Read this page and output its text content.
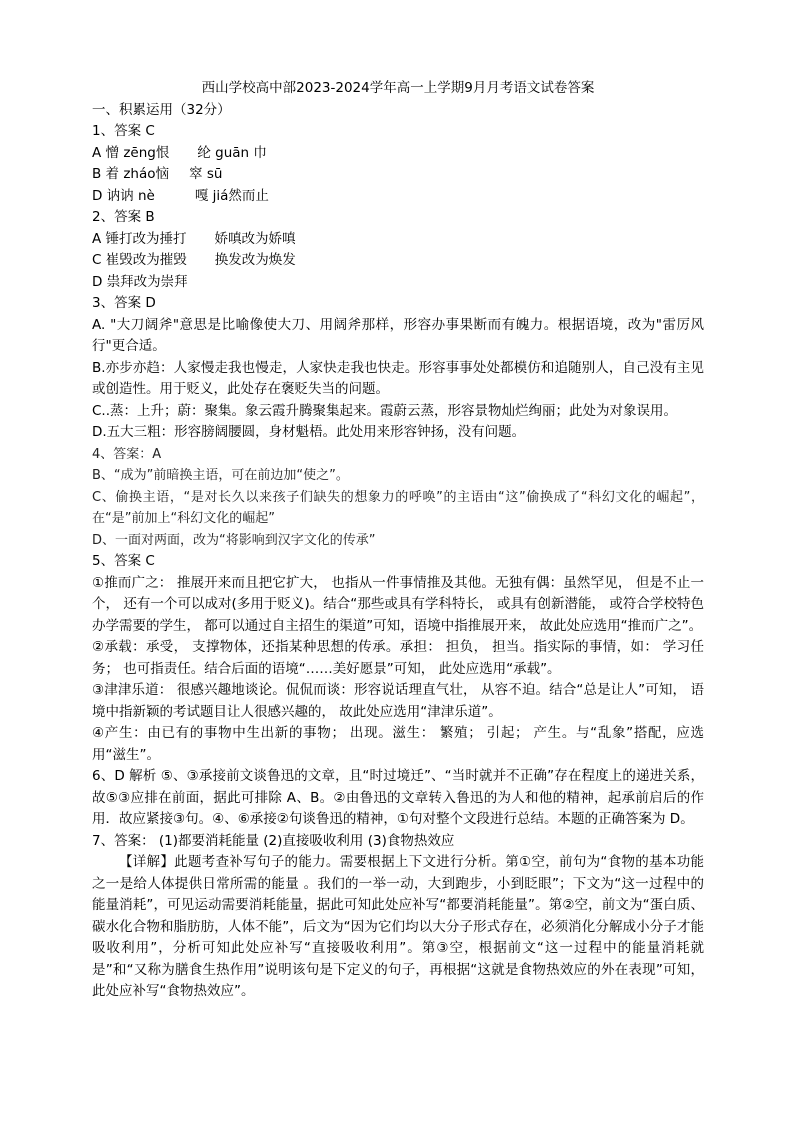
西山学校高中部2023-2024学年高一上学期9月月考语文试卷答案
一、积累运用（32分）
1、答案 C
A 憎 zēng恨 纶 guān 巾
B 着 zháo恼 窣 sū
D 讷讷 nè	嘎 jiá然而止
2、答案 B
A 锤打改为捶打 娇嗔改为娇嗔
C 崔毁改为摧毁 换发改为焕发
D 祟拜改为崇拜
3、答案 D
A. "大刀阔斧"意思是比喻像使大刀、用阔斧那样，形容办事果断而有魄力。根据语境，改为"雷厉风行"更合适。
B.亦步亦趋：人家慢走我也慢走，人家快走我也快走。形容事事处处都模仿和追随别人，自己没有主见或创造性。用于贬义，此处存在褒贬失当的问题。
C..蒸：上升；蔚：聚集。象云霞升腾聚集起来。霞蔚云蒸，形容景物灿烂绚丽；此处为对象误用。
D.五大三粗：形容膀阔腰圆，身材魁梧。此处用来形容钟扬，没有问题。
4、答案：A
B、“成为”前暗换主语，可在前边加“使之”。
C、偷换主语，“是对长久以来孩子们缺失的想象力的呼唤”的主语由“这”偷换成了“科幻文化的崛起”，在“是”前加上“科幻文化的崛起”
D、一面对两面，改为“将影响到汉字文化的传承”
5、答案 C
①推而广之： 推展开来而且把它扩大， 也指从一件事情推及其他。无独有偶：虽然罕见， 但是不止一个， 还有一个可以成对(多用于贬义)。结合“那些或具有学科特长， 或具有创新潜能， 或符合学校特色办学需要的学生， 都可以通过自主招生的渠道”可知，语境中指推展开来， 故此处应选用“推而广之”。
②承载：承受， 支撑物体，还指某种思想的传承。承担： 担负， 担当。指实际的事情，如： 学习任务； 也可指责任。结合后面的语境“……美好愿景”可知， 此处应选用“承载”。
③津津乐道： 很感兴趣地谈论。侃侃而谈：形容说话理直气壮， 从容不迫。结合“总是让人”可知， 语境中指新颖的考试题目让人很感兴趣的， 故此处应选用“津津乐道”。
④产生：由已有的事物中生出新的事物； 出现。滋生： 繁殖； 引起； 产生。与“乱象”搭配，应选用“滋生”。
6、D 解析 ⑤、③承接前文谈鲁迅的文章，且“时过境迁”、“当时就并不正确”存在程度上的递进关系，故⑤③应排在前面，据此可排除 A、B。②由鲁迅的文章转入鲁迅的为人和他的精神，起承前启后的作用．故应紧接③句。④、⑥承接②句谈鲁迅的精神，①句对整个文段进行总结。本题的正确答案为 D。
7、答案： (1)都要消耗能量 (2)直接吸收利用 (3)食物热效应
【详解】此题考查补写句子的能力。需要根据上下文进行分析。第①空，前句为“食物的基本功能之一是给人体提供日常所需的能量 。我们的一举一动，大到跑步，小到眨眼”；下文为“这一过程中的能量消耗”，可见运动需要消耗能量，据此可知此处应补写“都要消耗能量”。第②空，前文为“蛋白质、碳水化合物和脂肪肪，人体不能”，后文为“因为它们均以大分子形式存在，必须消化分解成小分子才能吸收利用”，分析可知此处应补写“直接吸收利用”。第③空，根据前文“这一过程中的能量消耗就是”和“又称为膳食生热作用”说明该句是下定义的句子，再根据“这就是食物热效应的外在表现”可知，此处应补写“食物热效应”。
